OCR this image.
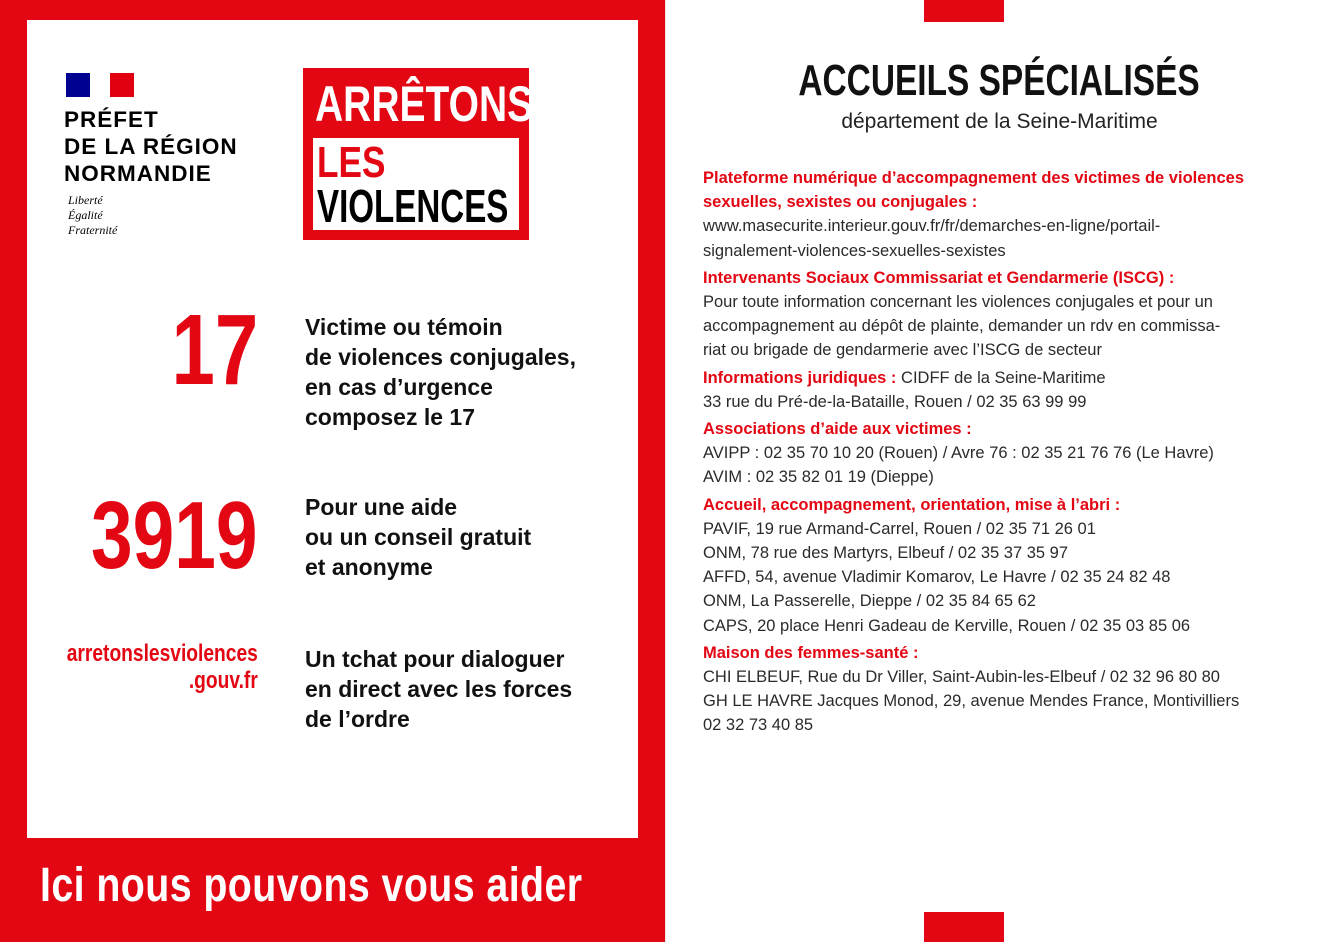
PRÉFET
DE LA RÉGION
NORMANDIE
Liberté
Égalité
Fraternité
ARRÊTONS
LES
VIOLENCES
17 Victime ou témoin
de violences conjugales,
en cas d’urgence
composez le 17
3919 Pour une aide
ou un conseil gratuit
et anonyme
arretonslesviolences
.gouv.fr
Un tchat pour dialoguer
en direct avec les forces
de l’ordre
Ici nous pouvons vous aider
ACCUEILS SPÉCIALISÉS
département de la Seine-Maritime
Plateforme numérique d’accompagnement des victimes de violences
sexuelles, sexistes ou conjugales :
www.masecurite.interieur.gouv.fr/fr/demarches-en-ligne/portail-
signalement-violences-sexuelles-sexistes
Intervenants Sociaux Commissariat et Gendarmerie (ISCG) :
Pour toute information concernant les violences conjugales et pour un
accompagnement au dépôt de plainte, demander un rdv en commissa-
riat ou brigade de gendarmerie avec l’ISCG de secteur
Informations juridiques : CIDFF de la Seine-Maritime
33 rue du Pré-de-la-Bataille, Rouen / 02 35 63 99 99
Associations d’aide aux victimes :
AVIPP : 02 35 70 10 20 (Rouen) / Avre 76 : 02 35 21 76 76 (Le Havre)
AVIM : 02 35 82 01 19 (Dieppe)
Accueil, accompagnement, orientation, mise à l’abri :
PAVIF, 19 rue Armand-Carrel, Rouen / 02 35 71 26 01
ONM, 78 rue des Martyrs, Elbeuf / 02 35 37 35 97
AFFD, 54, avenue Vladimir Komarov, Le Havre / 02 35 24 82 48
ONM, La Passerelle, Dieppe / 02 35 84 65 62
CAPS, 20 place Henri Gadeau de Kerville, Rouen / 02 35 03 85 06
Maison des femmes-santé :
CHI ELBEUF, Rue du Dr Viller, Saint-Aubin-les-Elbeuf / 02 32 96 80 80
GH LE HAVRE Jacques Monod, 29, avenue Mendes France, Montivilliers
02 32 73 40 85
